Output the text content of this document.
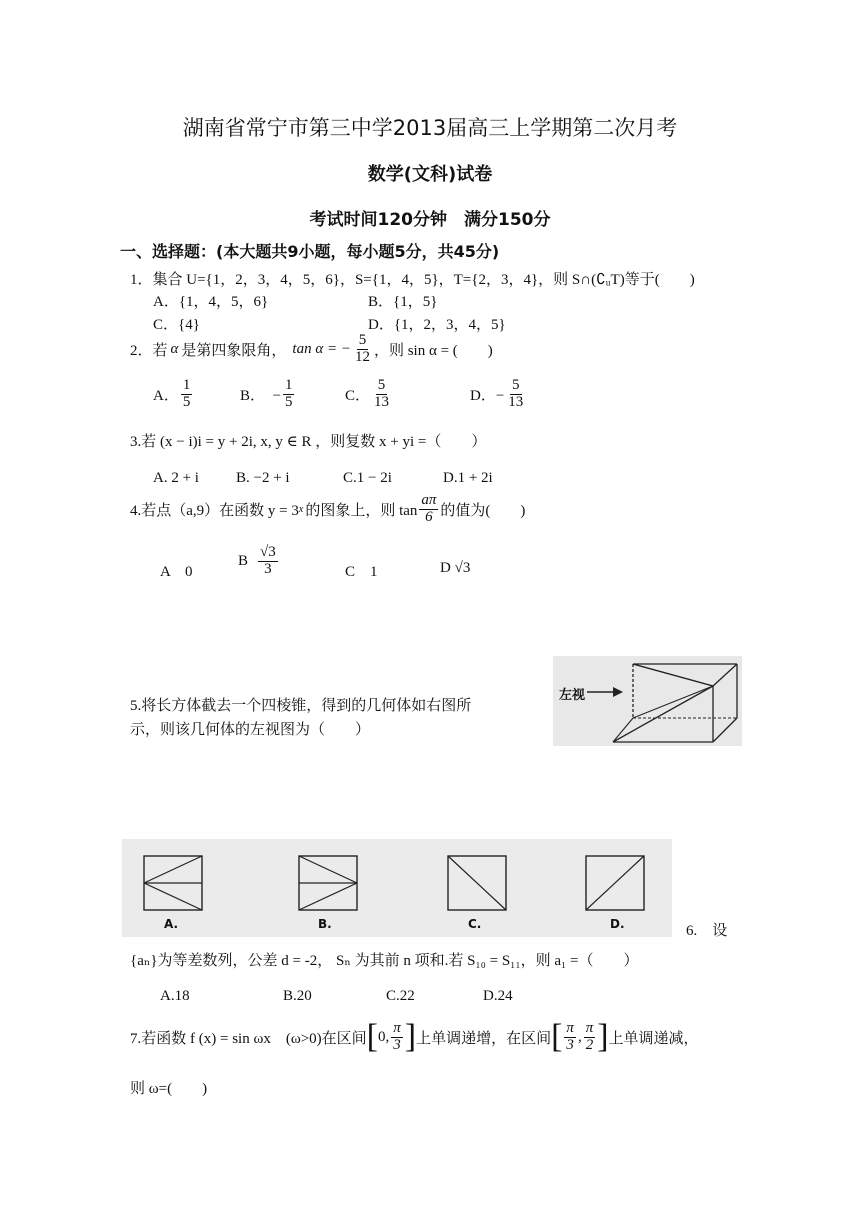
湖南省常宁市第三中学2013届高三上学期第二次月考
数学(文科)试卷
考试时间120分钟　满分150分
一、选择题：(本大题共9小题，每小题5分，共45分)
1．集合 U={1，2，3，4，5，6}，S={1，4，5}，T={2，3，4}，则 S∩(∁ᵤT)等于(　　)
A．{1，4，5，6}	B．{1，5}
C．{4}	D．{1，2，3，4，5}
2．若 α 是第四象限角， tan α = − $\frac{5}{12}$ ，则 sin α = (　　)
A． $\frac{1}{5}$	B．　− $\frac{1}{5}$	C． $\frac{5}{13}$	D．− $\frac{5}{13}$
3.若 (x − i)i = y + 2i, x, y ∈ R ，则复数 x + yi =（　　）
A. 2 + i B. −2 + i	C.1 − 2i	D.1 + 2i
4.若点（a,9）在函数 y = 3 x 的图象上，则 $\tan \frac{a\pi}{6}$ 的值为(　　)
A　0
B $\frac{√3}{3}$	C　1	D √3
5.将长方体截去一个四棱锥，得到的几何体如右图所
示，则该几何体的左视图为（　　）
左视
A.	B.	C.	D.	6.　设
{aₙ}为等差数列，公差 d = -2， Sₙ 为其前 n 项和.若 S₁₀ = S₁₁，则 a₁ =（　　）
A.18	B.20	C.22	D.24
7.若函数 f (x) = sin ωx　(ω>0)在区间 [ 0, $\frac{\pi}{3}$ ] 上单调递增，在区间 [ $\frac{\pi}{3}$ , $\frac{\pi}{2}$ ] 上单调递减，
则 ω=(　　)
